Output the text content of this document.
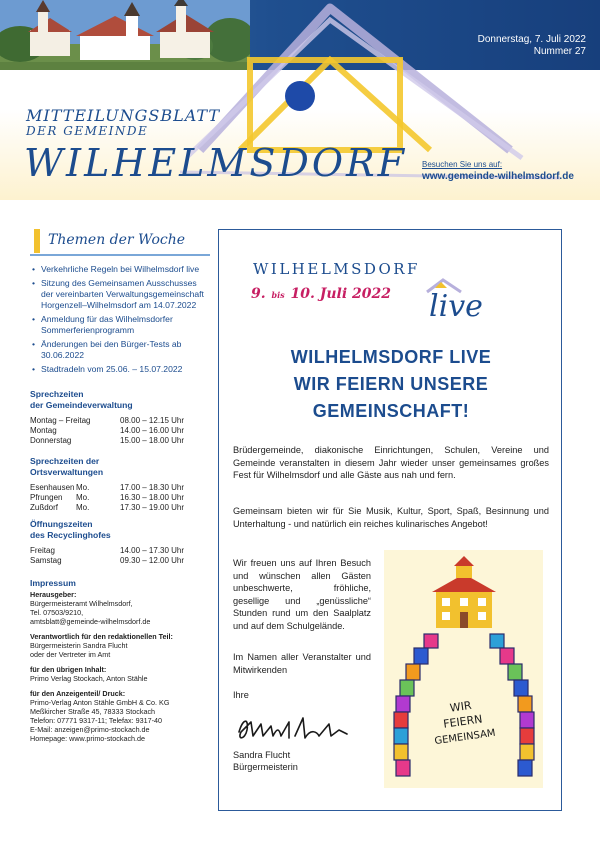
Donnerstag, 7. Juli 2022
Nummer 27
MITTEILUNGSBLATT
DER GEMEINDE
WILHELMSDORF Besuchen Sie uns auf:
www.gemeinde-wilhelmsdorf.de
Themen der Woche
• Verkehrliche Regeln bei Wilhelmsdorf live
• Sitzung des Gemeinsamen Ausschusses der vereinbarten Verwaltungsgemeinschaft Horgenzell–Wilhelmsdorf am 14.07.2022
• Anmeldung für das Wilhelmsdorfer Sommerferienprogramm
• Änderungen bei den Bürger-Tests ab 30.06.2022
• Stadtradeln vom 25.06. – 15.07.2022
Sprechzeiten
der Gemeindeverwaltung
Montag – Freitag	08.00 – 12.15 Uhr
Montag	14.00 – 16.00 Uhr
Donnerstag	15.00 – 18.00 Uhr
Sprechzeiten der
Ortsverwaltungen
Esenhausen Mo.	17.00 – 18.30 Uhr
Pfrungen	Mo.	16.30 – 18.00 Uhr
Zußdorf	Mo.	17.30 – 19.00 Uhr
Öffnungszeiten
des Recyclinghofes
Freitag	14.00 – 17.30 Uhr
Samstag	09.30 – 12.00 Uhr
Impressum
Herausgeber:
Bürgermeisteramt Wilhelmsdorf,
Tel. 07503/9210,
amtsblatt@gemeinde-wilhelmsdorf.de
Verantwortlich für den redaktionellen Teil:
Bürgermeisterin Sandra Flucht
oder der Vertreter im Amt
für den übrigen Inhalt:
Primo Verlag Stockach, Anton Stähle
für den Anzeigenteil/ Druck:
Primo-Verlag Anton Stähle GmbH & Co. KG
Meßkircher Straße 45, 78333 Stockach
Telefon: 07771 9317-11; Telefax: 9317-40
E-Mail: anzeigen@primo-stockach.de
Homepage: www.primo-stockach.de
WILHELMSDORF
9. bis 10. Juli 2022 live
WILHELMSDORF LIVE
WIR FEIERN UNSERE
GEMEINSCHAFT!
Brüdergemeinde, diakonische Einrichtungen, Schulen, Vereine und Gemeinde veranstalten in diesem Jahr wieder unser gemeinsames großes Fest für Wilhelmsdorf und alle Gäste aus nah und fern.
Gemeinsam bieten wir für Sie Musik, Kultur, Sport, Spaß, Besinnung und Unterhaltung - und natürlich ein reiches kulinarisches Angebot!
Wir freuen uns auf Ihren Besuch und wünschen allen Gästen unbeschwerte, fröhliche, gesellige und „genüssliche“ Stunden rund um den Saalplatz und auf dem Schulgelände.
Im Namen aller Veranstalter und Mitwirkenden
Ihre
Sandra Flucht
Bürgermeisterin
WIR
FEIERN
GEMEINSAM
